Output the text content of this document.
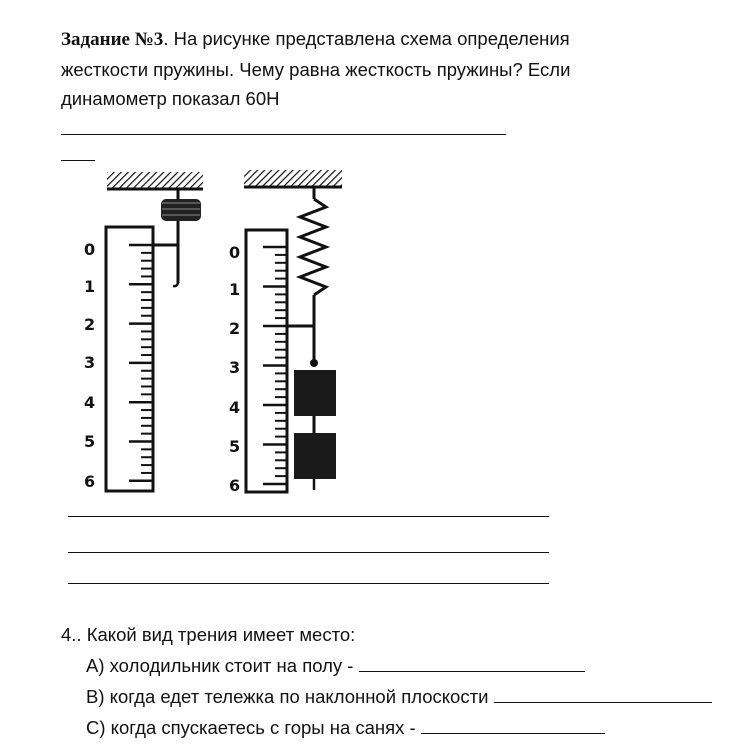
Задание №3. На рисунке представлена схема определения жесткости пружины. Чему равна жесткость пружины? Если динамометр показал 60Н
0
1
2
3
4
5
6
0
1
2
3
4
5
6
4.. Какой вид трения имеет место:
А) холодильник стоит на полу -
В) когда едет тележка по наклонной плоскости
С) когда спускаетесь с горы на санях -
